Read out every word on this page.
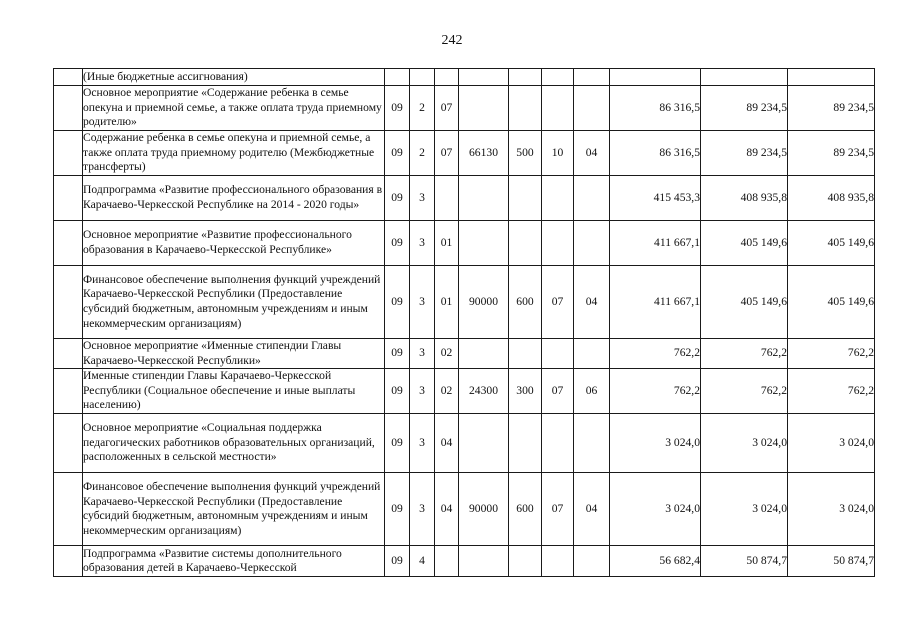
242
	(Иные бюджетные ассигнования)										
	Основное мероприятие «Содержание ребенка в семье опекуна и приемной семье, а также оплата труда приемному родителю»	09	2	07					86 316,5	89 234,5	89 234,5
	Содержание ребенка в семье опекуна и приемной семье, а также оплата труда приемному родителю (Межбюджетные трансферты)	09	2	07	66130	500	10	04	86 316,5	89 234,5	89 234,5
	Подпрограмма «Развитие профессионального образования в Карачаево-Черкесской Республике на 2014 - 2020 годы»	09	3						415 453,3	408 935,8	408 935,8
	Основное мероприятие «Развитие профессионального образования в Карачаево-Черкесской Республике»	09	3	01					411 667,1	405 149,6	405 149,6
	Финансовое обеспечение выполнения функций учреждений Карачаево-Черкесской Республики (Предоставление субсидий бюджетным, автономным учреждениям и иным некоммерческим организациям)	09	3	01	90000	600	07	04	411 667,1	405 149,6	405 149,6
	Основное мероприятие «Именные стипендии Главы Карачаево-Черкесской Республики»	09	3	02					762,2	762,2	762,2
	Именные стипендии Главы Карачаево-Черкесской Республики (Социальное обеспечение и иные выплаты населению)	09	3	02	24300	300	07	06	762,2	762,2	762,2
	Основное мероприятие «Социальная поддержка педагогических работников образовательных организаций, расположенных в сельской местности»	09	3	04					3 024,0	3 024,0	3 024,0
	Финансовое обеспечение выполнения функций учреждений Карачаево-Черкесской Республики (Предоставление субсидий бюджетным, автономным учреждениям и иным некоммерческим организациям)	09	3	04	90000	600	07	04	3 024,0	3 024,0	3 024,0
	Подпрограмма «Развитие системы дополнительного образования детей в Карачаево-Черкесской	09	4						56 682,4	50 874,7	50 874,7
